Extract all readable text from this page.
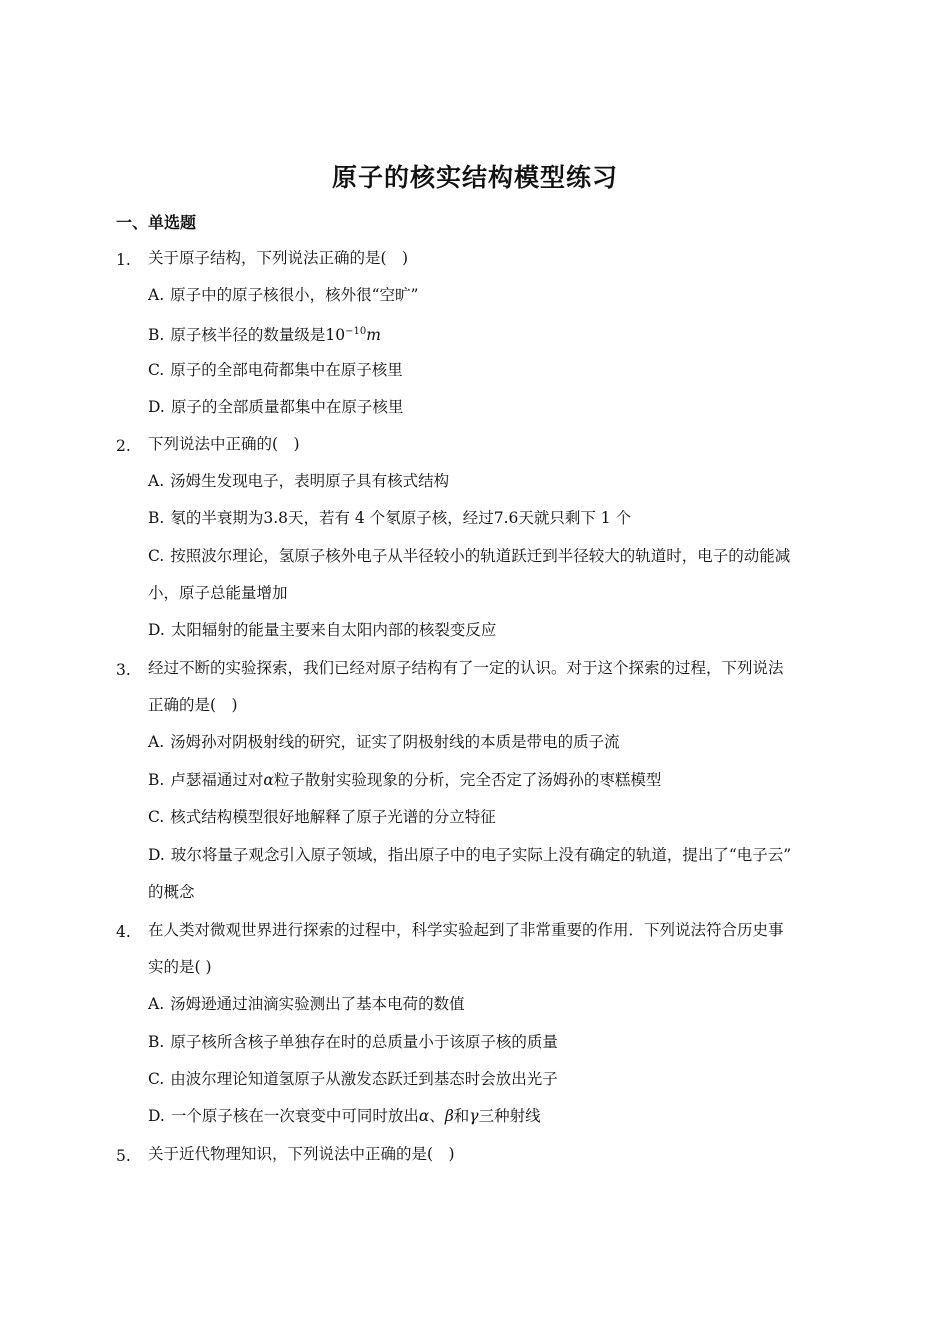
原子的核实结构模型练习
一、单选题
1. 关于原子结构，下列说法正确的是(　)
A. 原子中的原子核很小，核外很“空旷”
B. 原子核半径的数量级是$10^{-10}m$
C. 原子的全部电荷都集中在原子核里
D. 原子的全部质量都集中在原子核里
2. 下列说法中正确的(　)
A. 汤姆生发现电子，表明原子具有核式结构
B. 氡的半衰期为3.8天，若有 4 个氡原子核，经过7.6天就只剩下 1 个
C. 按照波尔理论，氢原子核外电子从半径较小的轨道跃迁到半径较大的轨道时，电子的动能减
小，原子总能量增加
D. 太阳辐射的能量主要来自太阳内部的核裂变反应
3. 经过不断的实验探索，我们已经对原子结构有了一定的认识。对于这个探索的过程，下列说法
正确的是(　)
A. 汤姆孙对阴极射线的研究，证实了阴极射线的本质是带电的质子流
B. 卢瑟福通过对α粒子散射实验现象的分析，完全否定了汤姆孙的枣糕模型
C. 核式结构模型很好地解释了原子光谱的分立特征
D. 玻尔将量子观念引入原子领域，指出原子中的电子实际上没有确定的轨道，提出了“电子云”
的概念
4. 在人类对微观世界进行探索的过程中，科学实验起到了非常重要的作用．下列说法符合历史事
实的是( )
A. 汤姆逊通过油滴实验测出了基本电荷的数值
B. 原子核所含核子单独存在时的总质量小于该原子核的质量
C. 由波尔理论知道氢原子从激发态跃迁到基态时会放出光子
D. 一个原子核在一次衰变中可同时放出α、β和γ三种射线
5. 关于近代物理知识，下列说法中正确的是(　)
